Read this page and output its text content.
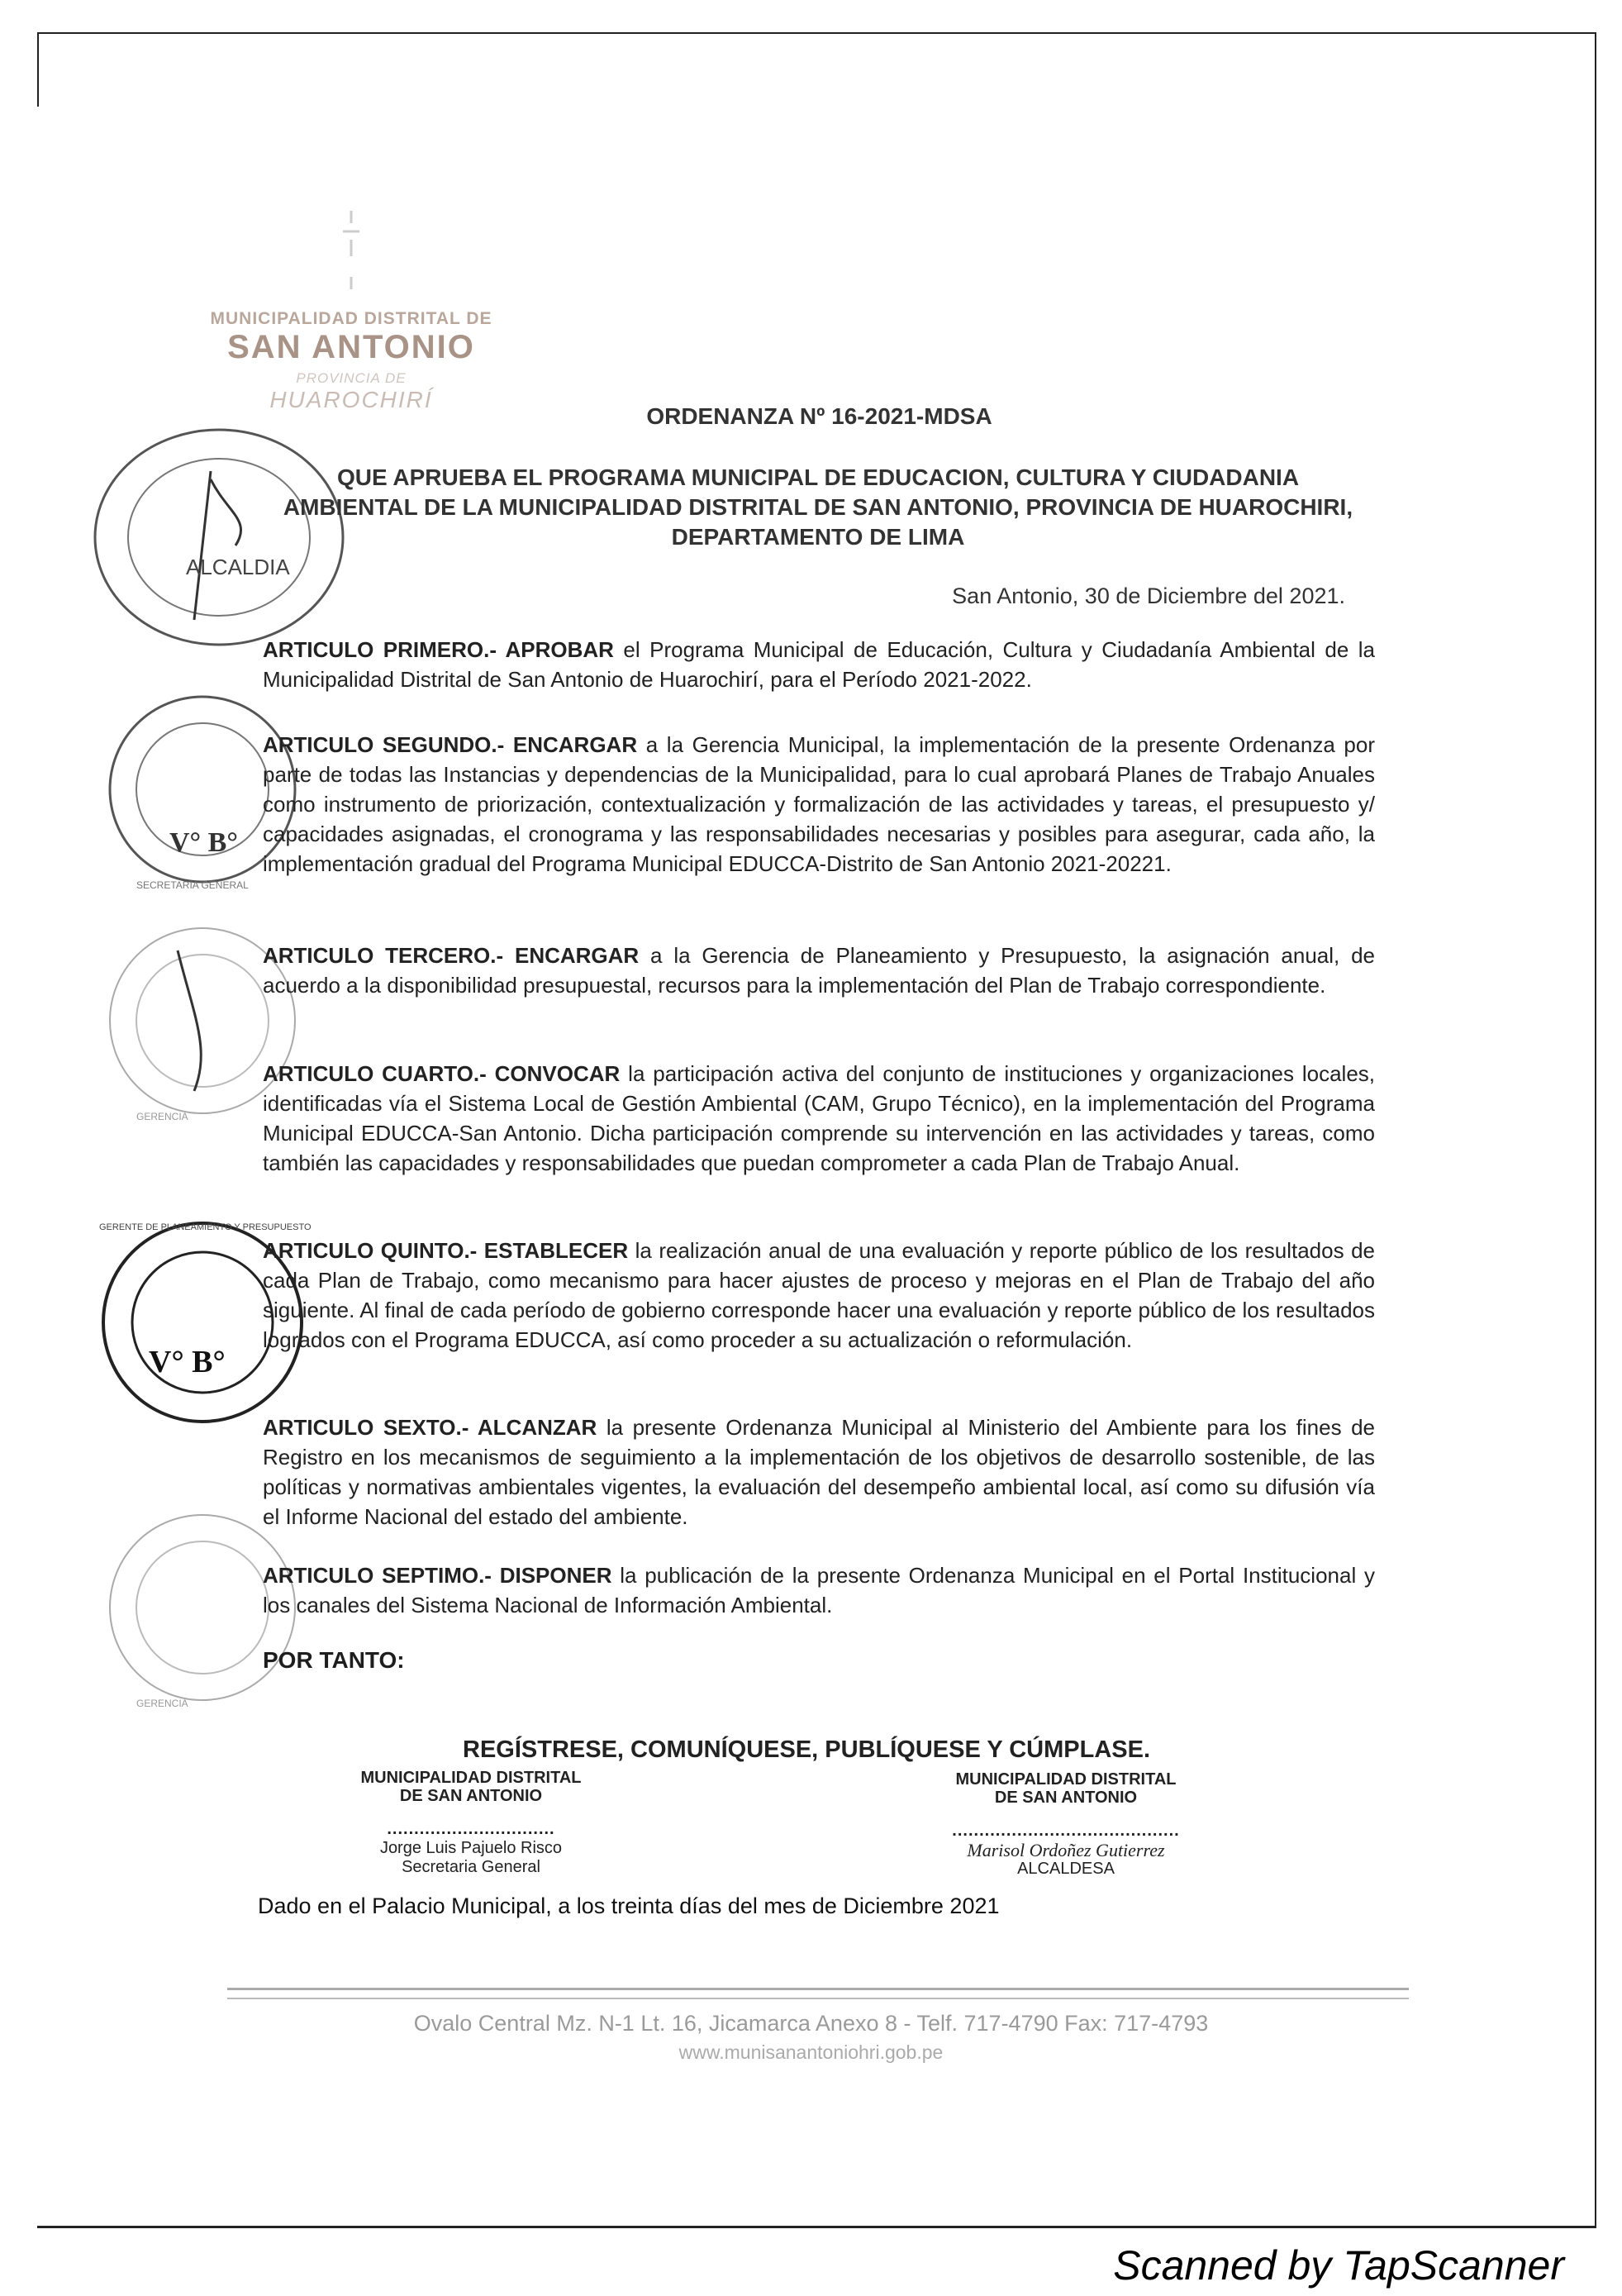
MUNICIPALIDAD DISTRITAL DE
SAN ANTONIO
PROVINCIA DE
HUAROCHIRÍ
ALCALDIA
V° B°
SECRETARIA GENERAL
GERENCIA
V° B°
GERENTE DE PLANEAMIENTO Y PRESUPUESTO
GERENCIA
ORDENANZA Nº 16-2021-MDSA
QUE APRUEBA EL PROGRAMA MUNICIPAL DE EDUCACION, CULTURA Y CIUDADANIA AMBIENTAL DE LA MUNICIPALIDAD DISTRITAL DE SAN ANTONIO, PROVINCIA DE HUAROCHIRI, DEPARTAMENTO DE LIMA
San Antonio, 30 de Diciembre del 2021.
ARTICULO PRIMERO.- APROBAR el Programa Municipal de Educación, Cultura y Ciudadanía Ambiental de la Municipalidad Distrital de San Antonio de Huarochirí, para el Período 2021-2022.
ARTICULO SEGUNDO.- ENCARGAR a la Gerencia Municipal, la implementación de la presente Ordenanza por parte de todas las Instancias y dependencias de la Municipalidad, para lo cual aprobará Planes de Trabajo Anuales como instrumento de priorización, contextualización y formalización de las actividades y tareas, el presupuesto y/ capacidades asignadas, el cronograma y las responsabilidades necesarias y posibles para asegurar, cada año, la implementación gradual del Programa Municipal EDUCCA-Distrito de San Antonio 2021-20221.
ARTICULO TERCERO.- ENCARGAR a la Gerencia de Planeamiento y Presupuesto, la asignación anual, de acuerdo a la disponibilidad presupuestal, recursos para la implementación del Plan de Trabajo correspondiente.
ARTICULO CUARTO.- CONVOCAR la participación activa del conjunto de instituciones y organizaciones locales, identificadas vía el Sistema Local de Gestión Ambiental (CAM, Grupo Técnico), en la implementación del Programa Municipal EDUCCA-San Antonio. Dicha participación comprende su intervención en las actividades y tareas, como también las capacidades y responsabilidades que puedan comprometer a cada Plan de Trabajo Anual.
ARTICULO QUINTO.- ESTABLECER la realización anual de una evaluación y reporte público de los resultados de cada Plan de Trabajo, como mecanismo para hacer ajustes de proceso y mejoras en el Plan de Trabajo del año siguiente. Al final de cada período de gobierno corresponde hacer una evaluación y reporte público de los resultados logrados con el Programa EDUCCA, así como proceder a su actualización o reformulación.
ARTICULO SEXTO.- ALCANZAR la presente Ordenanza Municipal al Ministerio del Ambiente para los fines de Registro en los mecanismos de seguimiento a la implementación de los objetivos de desarrollo sostenible, de las políticas y normativas ambientales vigentes, la evaluación del desempeño ambiental local, así como su difusión vía el Informe Nacional del estado del ambiente.
ARTICULO SEPTIMO.- DISPONER la publicación de la presente Ordenanza Municipal en el Portal Institucional y los canales del Sistema Nacional de Información Ambiental.
POR TANTO:
REGÍSTRESE, COMUNÍQUESE, PUBLÍQUESE Y CÚMPLASE.
MUNICIPALIDAD DISTRITAL
DE SAN ANTONIO
...............................
Jorge Luis Pajuelo Risco
Secretaria General
MUNICIPALIDAD DISTRITAL
DE SAN ANTONIO
..........................................
Marisol Ordoñez Gutierrez
ALCALDESA
Dado en el Palacio Municipal, a los treinta días del mes de Diciembre 2021
Ovalo Central Mz. N-1 Lt. 16, Jicamarca Anexo 8 - Telf. 717-4790 Fax: 717-4793
www.munisanantoniohri.gob.pe
Scanned by TapScanner
